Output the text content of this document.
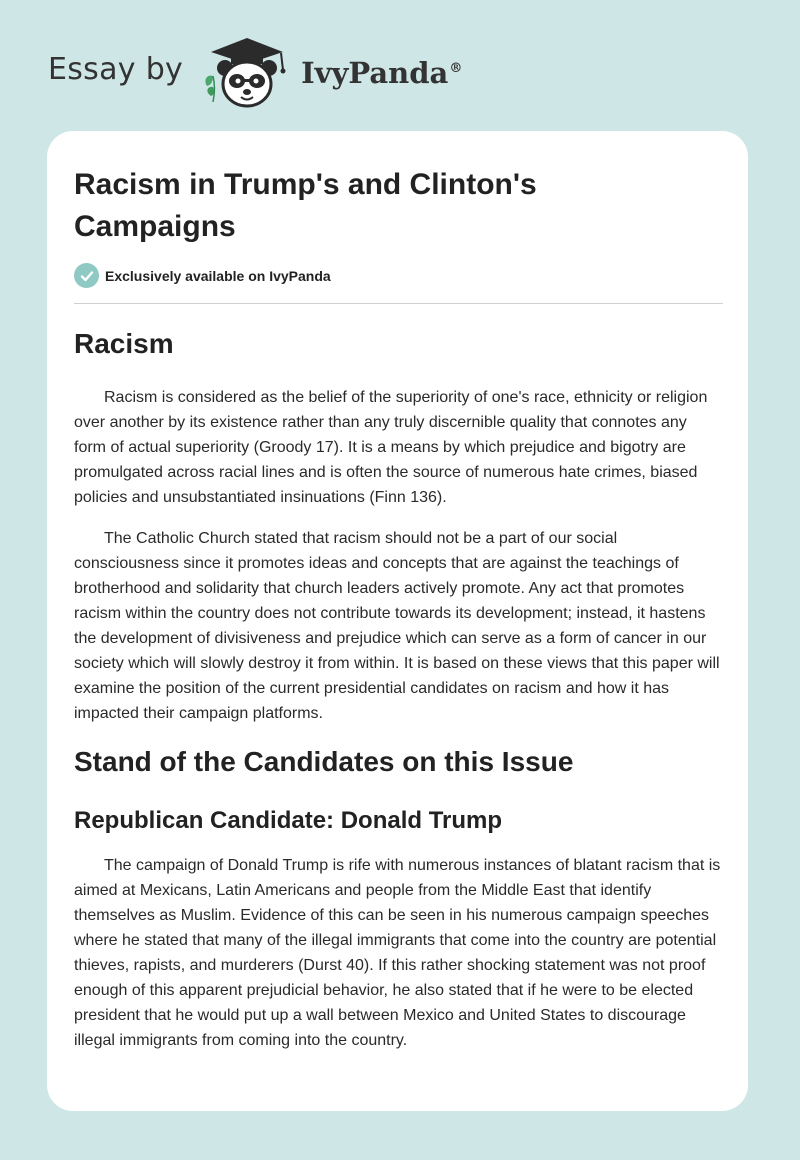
Essay by	IvyPanda®
Racism in Trump's and Clinton's Campaigns
Exclusively available on IvyPanda
Racism

Racism is considered as the belief of the superiority of one's race, ethnicity or religion over another by its existence rather than any truly discernible quality that connotes any form of actual superiority (Groody 17). It is a means by which prejudice and bigotry are promulgated across racial lines and is often the source of numerous hate crimes, biased policies and unsubstantiated insinuations (Finn 136).

The Catholic Church stated that racism should not be a part of our social consciousness since it promotes ideas and concepts that are against the teachings of brotherhood and solidarity that church leaders actively promote. Any act that promotes racism within the country does not contribute towards its development; instead, it hastens the development of divisiveness and prejudice which can serve as a form of cancer in our society which will slowly destroy it from within. It is based on these views that this paper will examine the position of the current presidential candidates on racism and how it has impacted their campaign platforms.

Stand of the Candidates on this Issue
Republican Candidate: Donald Trump

The campaign of Donald Trump is rife with numerous instances of blatant racism that is aimed at Mexicans, Latin Americans and people from the Middle East that identify themselves as Muslim. Evidence of this can be seen in his numerous campaign speeches where he stated that many of the illegal immigrants that come into the country are potential thieves, rapists, and murderers (Durst 40). If this rather shocking statement was not proof enough of this apparent prejudicial behavior, he also stated that if he were to be elected president that he would put up a wall between Mexico and United States to discourage illegal immigrants from coming into the country.
